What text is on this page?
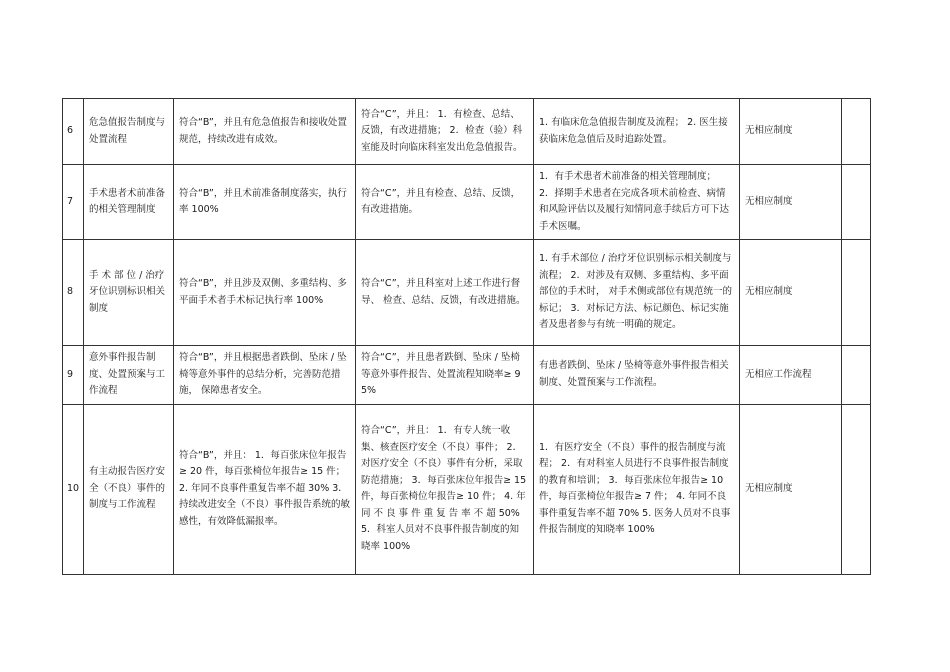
6	危急值报告制度与处置流程	符合“B”，并且有危急值报告和接收处置规范，持续改进有成效。	符合“C”，并且： 1．有检查、总结、反馈，有改进措施； 2．检查（验）科室能及时向临床科室发出危急值报告。	1. 有临床危急值报告制度及流程； 2. 医生接获临床危急值后及时追踪处置。	无相应制度	
7	手术患者术前准备的相关管理制度	符合“B”，并且术前准备制度落实，执行率 100%	符合“C”，并且有检查、总结、反馈，有改进措施。	1．有手术患者术前准备的相关管理制度； 2．择期手术患者在完成各项术前检查、病情和风险评估以及履行知情同意手续后方可下达手术医嘱。	无相应制度	
8	手 术 部 位 / 治疗牙位识别标识相关制度	符合“B”，并且涉及双侧、多重结构、多平面手术者手术标记执行率 100%	符合“C”，并且科室对上述工作进行督导、 检查、总结、反馈，有改进措施。	1. 有手术部位 / 治疗牙位识别标示相关制度与流程； 2．对涉及有双侧、多重结构、多平面部位的手术时， 对手术侧或部位有规范统一的标记； 3．对标记方法、标记颜色、标记实施者及患者参与有统一明确的规定。	无相应制度	
9	意外事件报告制度、处置预案与工作流程	符合“B”，并且根据患者跌倒、坠床 / 坠椅等意外事件的总结分析，完善防范措施， 保障患者安全。	符合“C”，并且患者跌倒、坠床 / 坠椅等意外事件报告、处置流程知晓率≥ 95%	有患者跌倒、坠床 / 坠椅等意外事件报告相关制度、处置预案与工作流程。	无相应工作流程	
10	有主动报告医疗安全（不良）事件的制度与工作流程	符合“B”，并且： 1．每百张床位年报告≥ 20 件，每百张椅位年报告≥ 15 件； 2. 年同不良事件重复告率不超 30% 3．持续改进安全（不良）事件报告系统的敏感性，有效降低漏报率。	符合“C”，并且： 1．有专人统一收集、核查医疗安全（不良）事件； 2．对医疗安全（不良）事件有分析，采取防范措施； 3．每百张床位年报告≥ 15 件，每百张椅位年报告≥ 10 件； 4. 年 同 不 良 事 件 重 复 告 率 不 超 50% 5．科室人员对不良事件报告制度的知晓率 100%	1．有医疗安全（不良）事件的报告制度与流程； 2．有对科室人员进行不良事件报告制度的教育和培训； 3．每百张床位年报告≥ 10 件，每百张椅位年报告≥ 7 件； 4. 年同不良事件重复告率不超 70% 5. 医务人员对不良事件报告制度的知晓率 100%	无相应制度	
